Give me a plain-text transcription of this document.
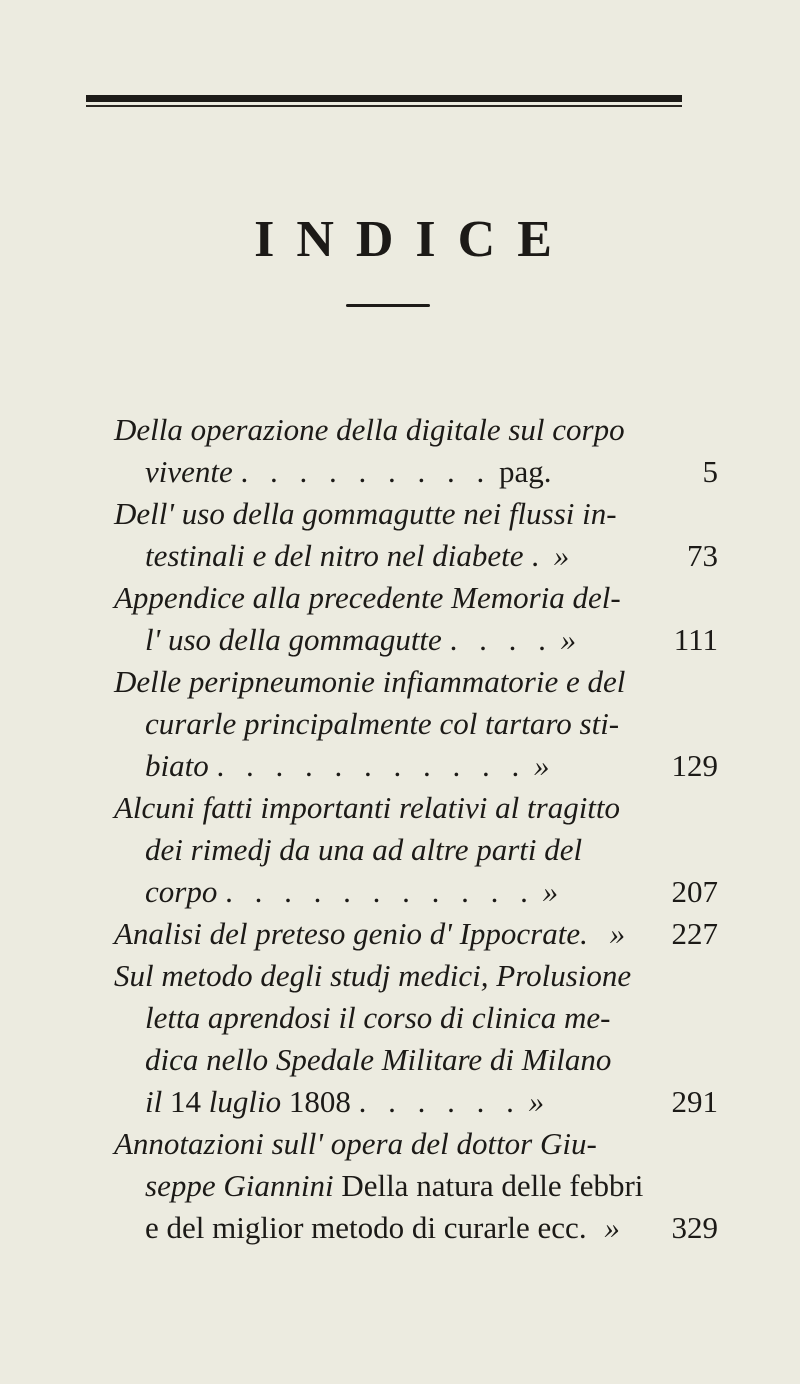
INDICE
Della operazione della digitale sul corpo
vivente . . . . . . . . . pag.	5
Dell' uso della gommagutte nei flussi in-
testinali e del nitro nel diabete . »	73
Appendice alla precedente Memoria del-
l' uso della gommagutte . . . . »	111
Delle peripneumonie infiammatorie e del
curarle principalmente col tartaro sti-
biato . . . . . . . . . . . »	129
Alcuni fatti importanti relativi al tragitto
dei rimedj da una ad altre parti del
corpo . . . . . . . . . . . »	207
Analisi del preteso genio d' Ippocrate. » 227
Sul metodo degli studj medici, Prolusione
letta aprendosi il corso di clinica me-
dica nello Spedale Militare di Milano
il 14 luglio 1808 . . . . . . »	291
Annotazioni sull' opera del dottor Giu-
seppe Giannini Della natura delle febbri
e del miglior metodo di curarle ecc. » 329
